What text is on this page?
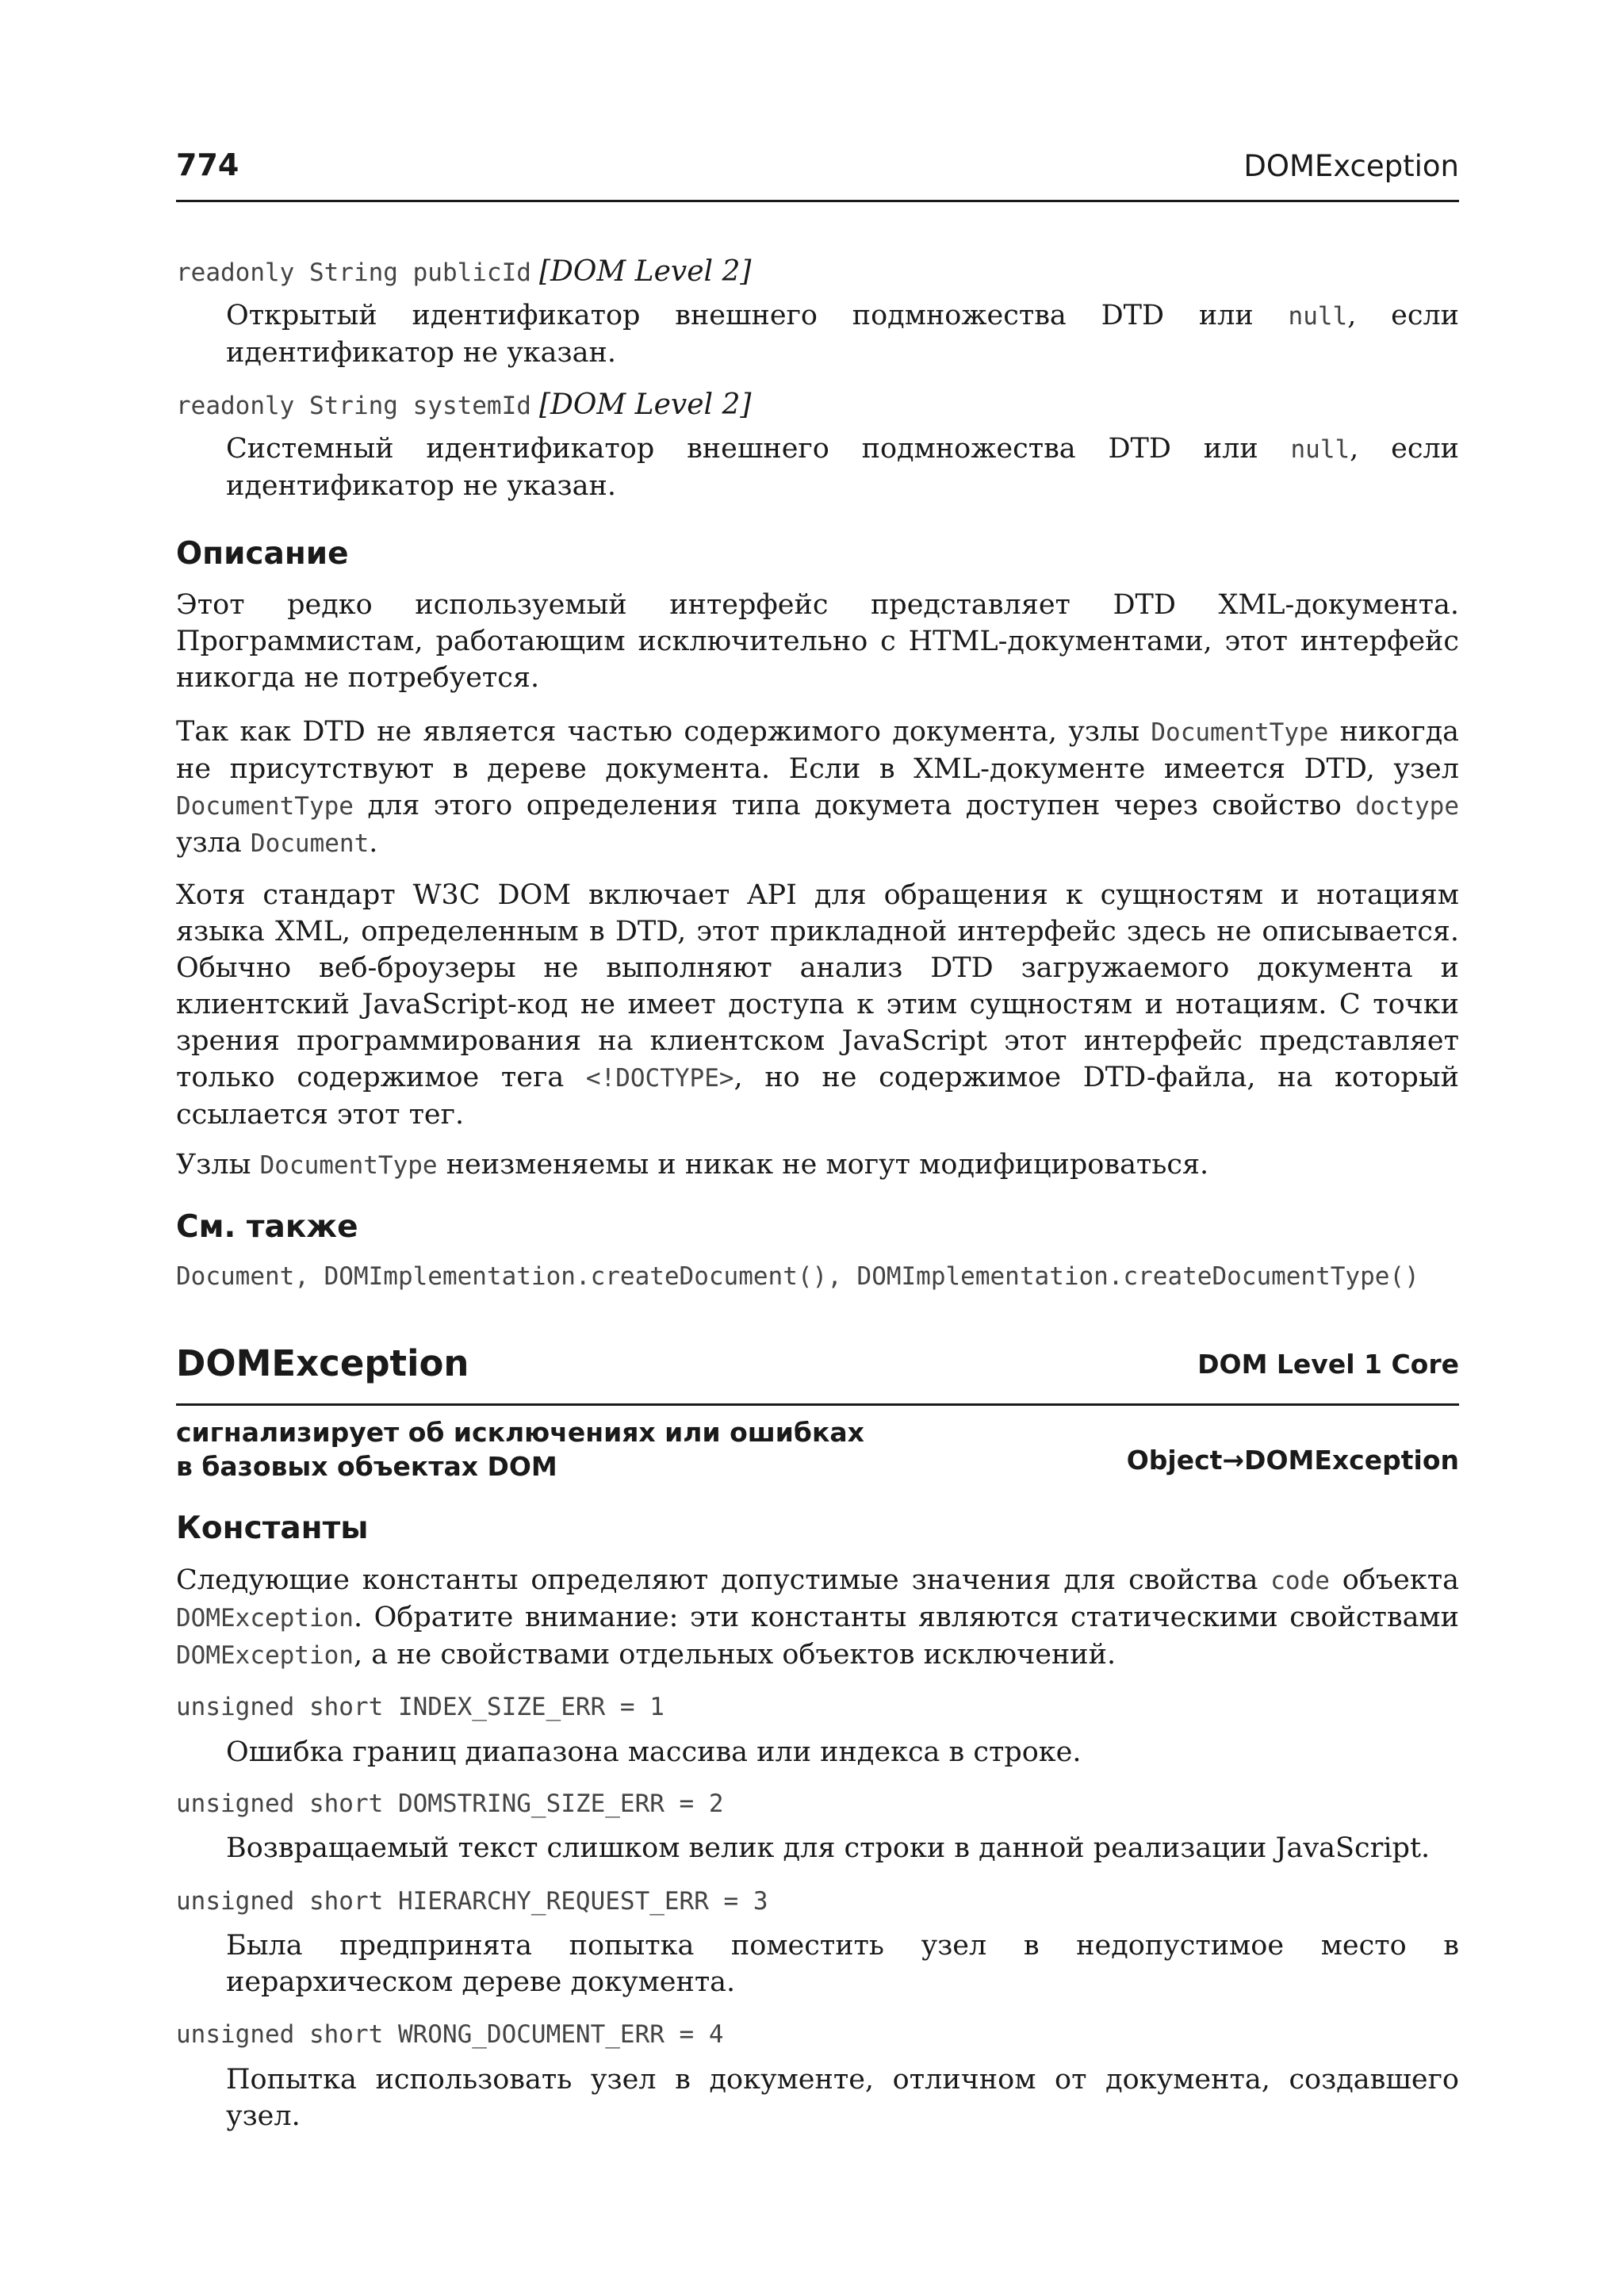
774	DOMException
readonly String publicId [DOM Level 2]
Открытый идентификатор внешнего подмножества DTD или null, если идентификатор не указан.
readonly String systemId [DOM Level 2]
Системный идентификатор внешнего подмножества DTD или null, если идентификатор не указан.
Описание
Этот редко используемый интерфейс представляет DTD XML-документа. Программистам, работающим исключительно с HTML-документами, этот интерфейс никогда не потребуется.
Так как DTD не является частью содержимого документа, узлы DocumentType никогда не присутствуют в дереве документа. Если в XML-документе имеется DTD, узел DocumentType для этого определения типа докумета доступен через свойство doctype узла Document.
Хотя стандарт W3C DOM включает API для обращения к сущностям и нотациям языка XML, определенным в DTD, этот прикладной интерфейс здесь не описывается. Обычно веб-броузеры не выполняют анализ DTD загружаемого документа и клиентский JavaScript-код не имеет доступа к этим сущностям и нотациям. С точки зрения программирования на клиентском JavaScript этот интерфейс представляет только содержимое тега <!DOCTYPE>, но не содержимое DTD-файла, на который ссылается этот тег.
Узлы DocumentType неизменяемы и никак не могут модифицироваться.
См. также
Document, DOMImplementation.createDocument(), DOMImplementation.createDocumentType()
DOMException	DOM Level 1 Core
сигнализирует об исключениях или ошибках
в базовых объектах DOM	Object→DOMException
Константы
Следующие константы определяют допустимые значения для свойства code объекта DOMException. Обратите внимание: эти константы являются статическими свойствами DOMException, а не свойствами отдельных объектов исключений.
unsigned short INDEX_SIZE_ERR = 1
Ошибка границ диапазона массива или индекса в строке.
unsigned short DOMSTRING_SIZE_ERR = 2
Возвращаемый текст слишком велик для строки в данной реализации JavaScript.
unsigned short HIERARCHY_REQUEST_ERR = 3
Была предпринята попытка поместить узел в недопустимое место в иерархическом дереве документа.
unsigned short WRONG_DOCUMENT_ERR = 4
Попытка использовать узел в документе, отличном от документа, создавшего узел.
